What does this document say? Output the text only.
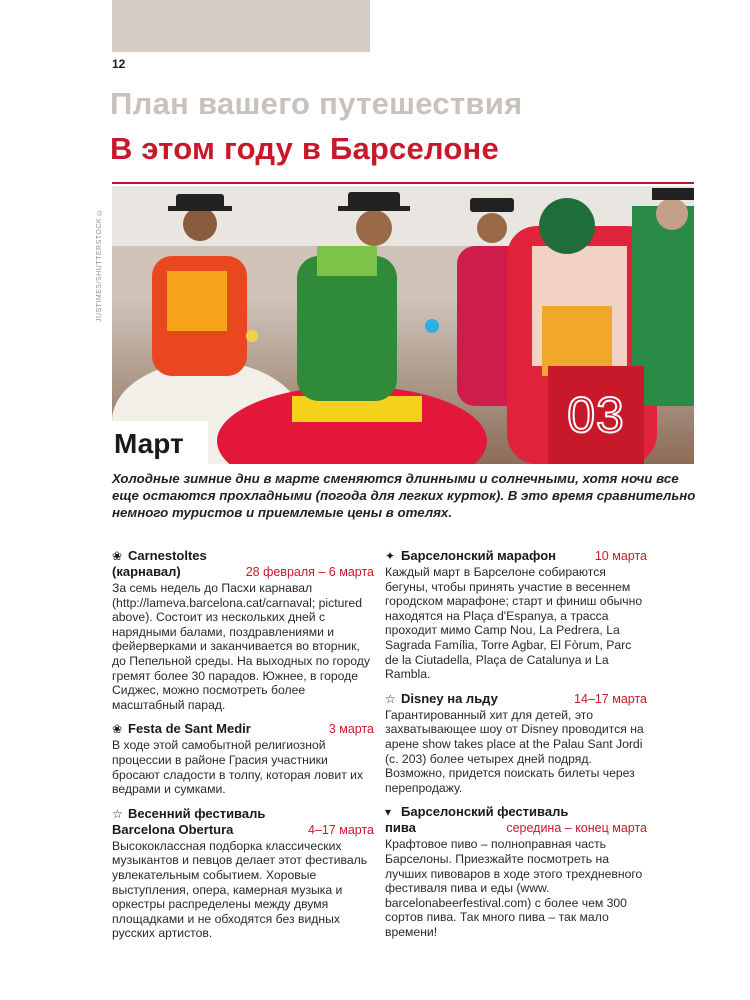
12
План вашего путешествия
В этом году в Барселоне
JUSTIMES/SHUTTERSTOCK ©
03
Март
Холодные зимние дни в марте сменяются длинными и солнечными, хотя ночи все еще остаются прохладными (погода для легких курток). В это время сравнительно немного туристов и приемлемые цены в отелях.
❀ Carnestoltes
(карнавал)	28 февраля – 6 марта
За семь недель до Пасхи карнавал (http://lameva.barcelona.cat/carnaval; pictured above). Состоит из нескольких дней с нарядными балами, поздравлениями и фейерверками и заканчивается во вторник, до Пепельной среды. На выходных по городу гремят более 30 парадов. Южнее, в городе Сиджес, можно посмотреть более масштабный парад.
❀ Festa de Sant Medir	3 марта
В ходе этой самобытной религиозной процессии в районе Грасия участники бросают сладости в толпу, которая ловит их ведрами и сумками.
☆ Весенний фестиваль
Barcelona Obertura	4–17 марта
Высококлассная подборка классических музыкантов и певцов делает этот фестиваль увлекательным событием. Хоровые выступления, опера, камерная музыка и оркестры распределены между двумя площадками и не обходятся без видных русских артистов.
✦ Барселонский марафон	10 марта
Каждый март в Барселоне собираются бегуны, чтобы принять участие в весеннем городском марафоне; старт и финиш обычно находятся на Plaça d'Espanya, а трасса проходит мимо Camp Nou, La Pedrera, La Sagrada Família, Torre Agbar, El Fòrum, Parc de la Ciutadella, Plaça de Catalunya и La Rambla.
☆ Disney на льду	14–17 марта
Гарантированный хит для детей, это захватывающее шоу от Disney проводится на арене show takes place at the Palau Sant Jordi (с. 203) более четырех дней подряд. Возможно, придется поискать билеты через перепродажу.
▾ Барселонский фестиваль
пива	середина – конец марта
Крафтовое пиво – полноправная часть Барселоны. Приезжайте посмотреть на лучших пивоваров в ходе этого трехдневного фестиваля пива и еды (www. barcelonabeerfestival.com) с более чем 300 сортов пива. Так много пива – так мало времени!
